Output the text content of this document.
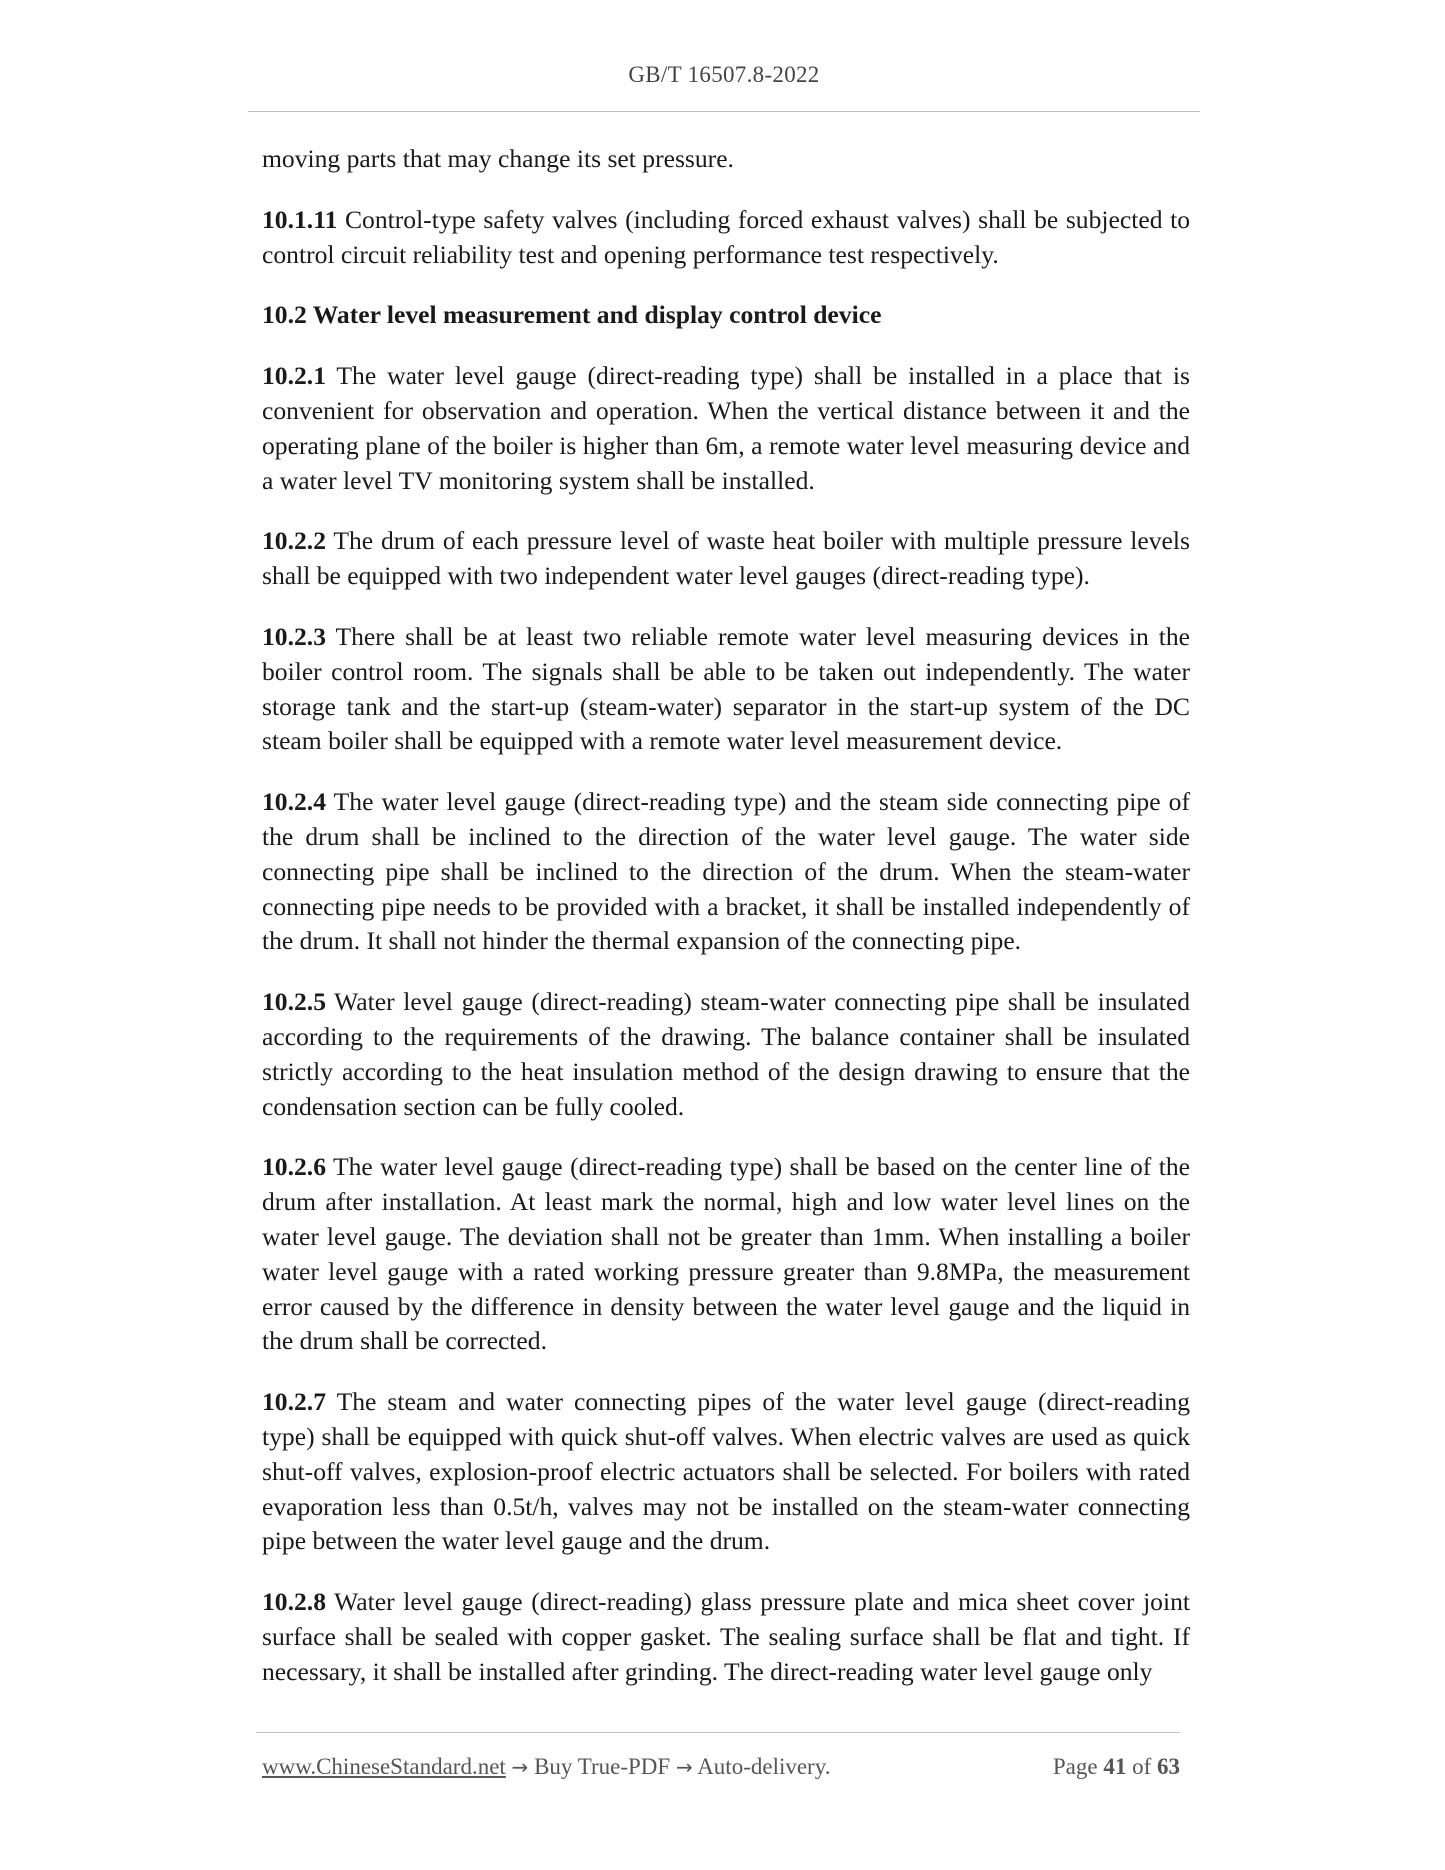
GB/T 16507.8-2022

moving parts that may change its set pressure.

10.1.11 Control-type safety valves (including forced exhaust valves) shall be subjected to control circuit reliability test and opening performance test respectively.

10.2 Water level measurement and display control device

10.2.1 The water level gauge (direct-reading type) shall be installed in a place that is convenient for observation and operation. When the vertical distance between it and the operating plane of the boiler is higher than 6m, a remote water level measuring device and a water level TV monitoring system shall be installed.

10.2.2 The drum of each pressure level of waste heat boiler with multiple pressure levels shall be equipped with two independent water level gauges (direct-reading type).

10.2.3 There shall be at least two reliable remote water level measuring devices in the boiler control room. The signals shall be able to be taken out independently. The water storage tank and the start-up (steam-water) separator in the start-up system of the DC steam boiler shall be equipped with a remote water level measurement device.

10.2.4 The water level gauge (direct-reading type) and the steam side connecting pipe of the drum shall be inclined to the direction of the water level gauge. The water side connecting pipe shall be inclined to the direction of the drum. When the steam-water connecting pipe needs to be provided with a bracket, it shall be installed independently of the drum. It shall not hinder the thermal expansion of the connecting pipe.

10.2.5 Water level gauge (direct-reading) steam-water connecting pipe shall be insulated according to the requirements of the drawing. The balance container shall be insulated strictly according to the heat insulation method of the design drawing to ensure that the condensation section can be fully cooled.

10.2.6 The water level gauge (direct-reading type) shall be based on the center line of the drum after installation. At least mark the normal, high and low water level lines on the water level gauge. The deviation shall not be greater than 1mm. When installing a boiler water level gauge with a rated working pressure greater than 9.8MPa, the measurement error caused by the difference in density between the water level gauge and the liquid in the drum shall be corrected.

10.2.7 The steam and water connecting pipes of the water level gauge (direct-reading type) shall be equipped with quick shut-off valves. When electric valves are used as quick shut-off valves, explosion-proof electric actuators shall be selected. For boilers with rated evaporation less than 0.5t/h, valves may not be installed on the steam-water connecting pipe between the water level gauge and the drum.

10.2.8 Water level gauge (direct-reading) glass pressure plate and mica sheet cover joint surface shall be sealed with copper gasket. The sealing surface shall be flat and tight. If necessary, it shall be installed after grinding. The direct-reading water level gauge only

www.ChineseStandard.net → Buy True-PDF → Auto-delivery.	Page 41 of 63
